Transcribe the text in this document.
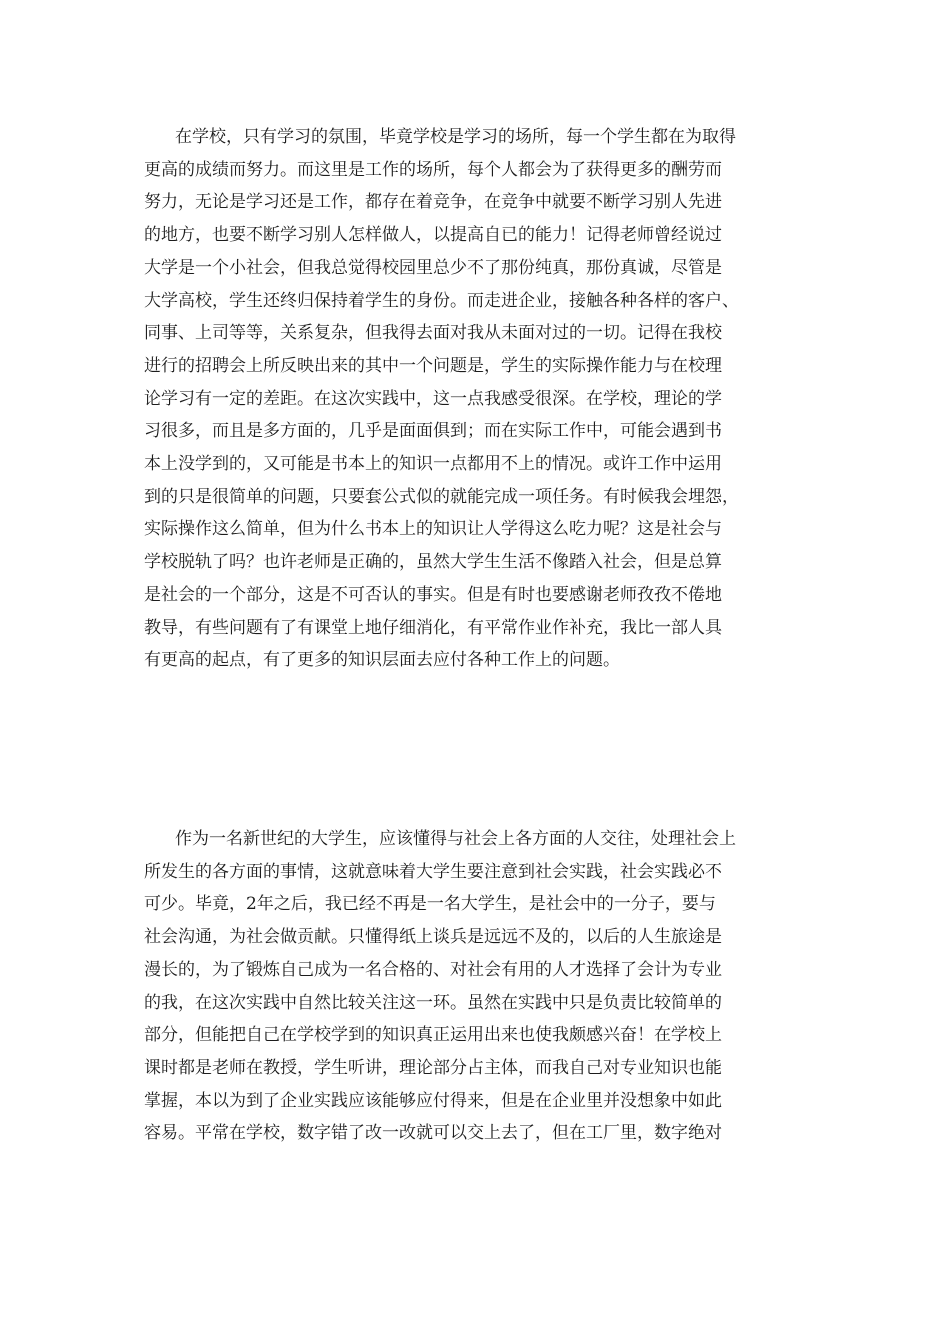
在学校，只有学习的氛围，毕竟学校是学习的场所，每一个学生都在为取得
更高的成绩而努力。而这里是工作的场所，每个人都会为了获得更多的酬劳而
努力，无论是学习还是工作，都存在着竞争，在竞争中就要不断学习别人先进
的地方，也要不断学习别人怎样做人，以提高自已的能力！记得老师曾经说过
大学是一个小社会，但我总觉得校园里总少不了那份纯真，那份真诚，尽管是
大学高校，学生还终归保持着学生的身份。而走进企业，接触各种各样的客户、
同事、上司等等，关系复杂，但我得去面对我从未面对过的一切。记得在我校
进行的招聘会上所反映出来的其中一个问题是，学生的实际操作能力与在校理
论学习有一定的差距。在这次实践中，这一点我感受很深。在学校，理论的学
习很多，而且是多方面的，几乎是面面俱到；而在实际工作中，可能会遇到书
本上没学到的，又可能是书本上的知识一点都用不上的情况。或许工作中运用
到的只是很简单的问题，只要套公式似的就能完成一项任务。有时候我会埋怨，
实际操作这么简单，但为什么书本上的知识让人学得这么吃力呢？这是社会与
学校脱轨了吗？也许老师是正确的，虽然大学生生活不像踏入社会，但是总算
是社会的一个部分，这是不可否认的事实。但是有时也要感谢老师孜孜不倦地
教导，有些问题有了有课堂上地仔细消化，有平常作业作补充，我比一部人具
有更高的起点，有了更多的知识层面去应付各种工作上的问题。
作为一名新世纪的大学生，应该懂得与社会上各方面的人交往，处理社会上
所发生的各方面的事情，这就意味着大学生要注意到社会实践，社会实践必不
可少。毕竟，2年之后，我已经不再是一名大学生，是社会中的一分子，要与
社会沟通，为社会做贡献。只懂得纸上谈兵是远远不及的，以后的人生旅途是
漫长的，为了锻炼自己成为一名合格的、对社会有用的人才选择了会计为专业
的我，在这次实践中自然比较关注这一环。虽然在实践中只是负责比较简单的
部分，但能把自己在学校学到的知识真正运用出来也使我颇感兴奋！在学校上
课时都是老师在教授，学生听讲，理论部分占主体，而我自己对专业知识也能
掌握，本以为到了企业实践应该能够应付得来，但是在企业里并没想象中如此
容易。平常在学校，数字错了改一改就可以交上去了，但在工厂里，数字绝对
